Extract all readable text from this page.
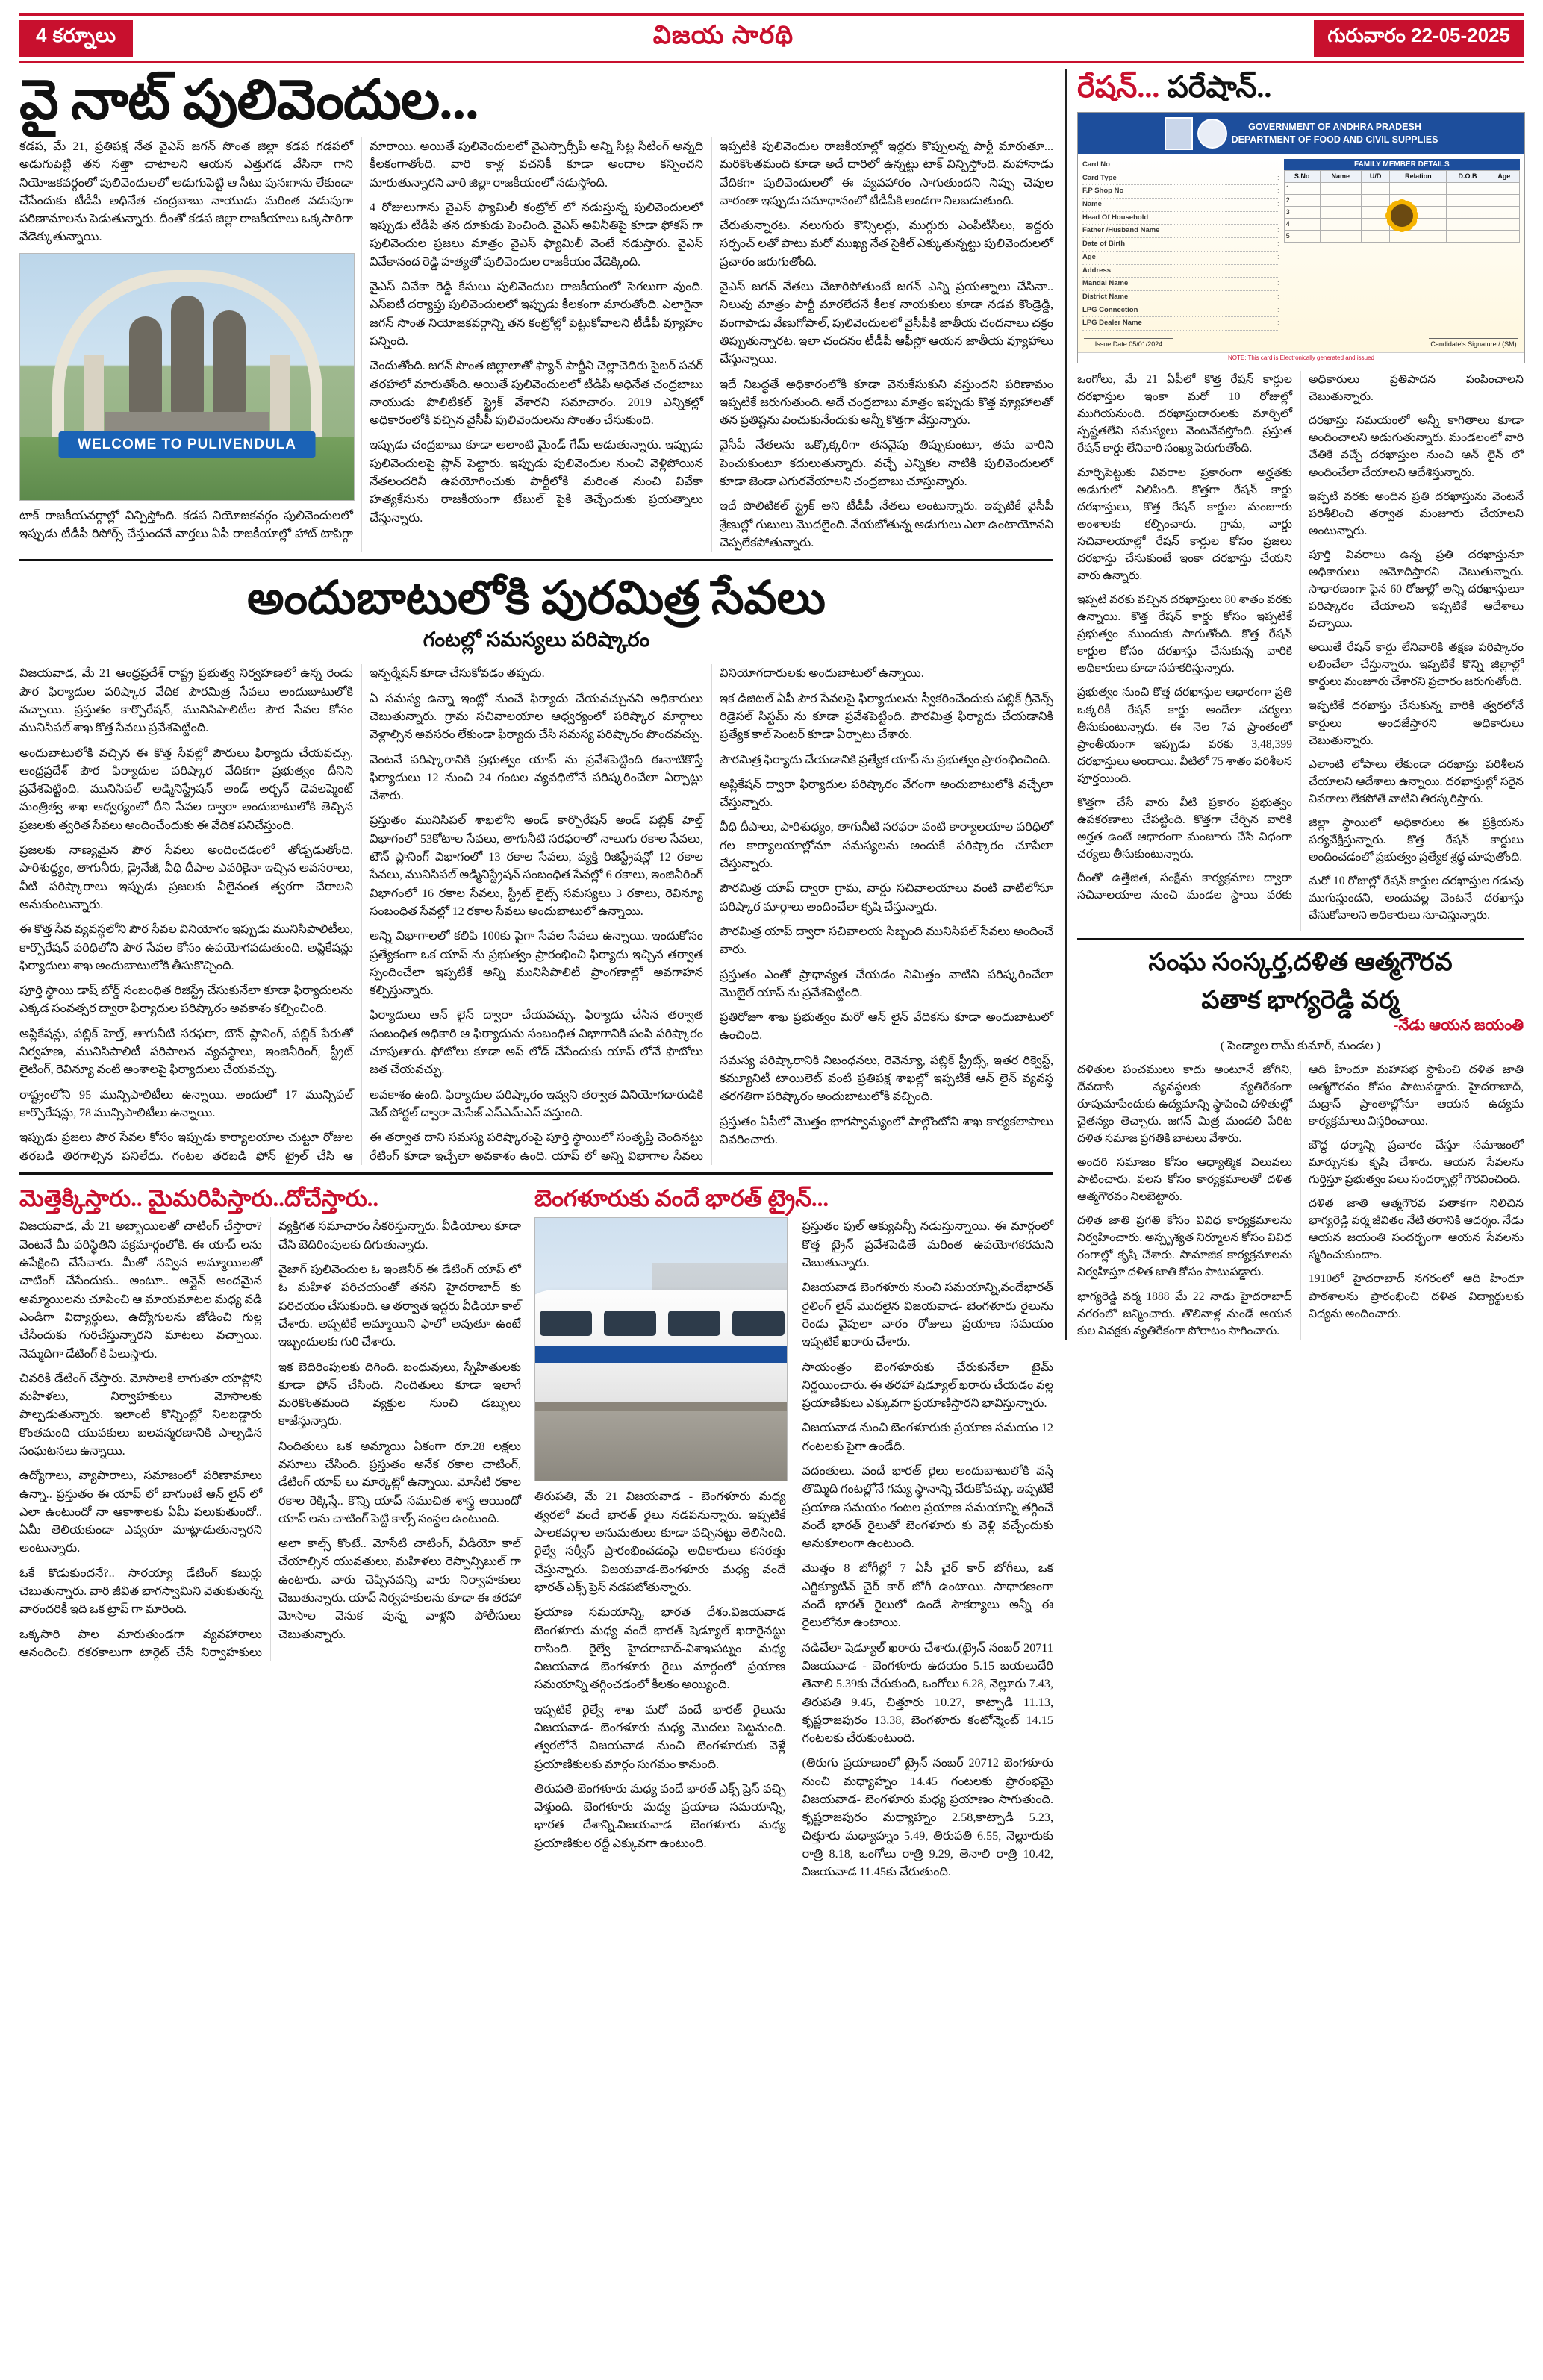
4 కర్నూలు	విజయ సారథి	గురువారం 22-05-2025
వై నాట్ పులివెందుల...

కడప, మే 21, ప్రతిపక్ష నేత వైఎస్ జగన్ సొంత జిల్లా కడప గడపలో అడుగుపెట్టి తన సత్తా చాటాలని ఆయన ఎత్తుగడ వేసినా గాని నియోజకవర్గంలో పులివెందులలో అడుగుపెట్టి ఆ సీటు పునఃగాను లేకుండా చేసేందుకు టీడీపీ అధినేత చంద్రబాబు నాయుడు మరింత వడుపుగా పరిణామాలను పెడుతున్నారు. దీంతో కడప జిల్లా రాజకీయాలు ఒక్కసారిగా వేడెక్కుతున్నాయి.

WELCOME TO PULIVENDULA

టాక్ రాజకీయవర్గాల్లో విన్పిస్తోంది. కడప నియోజకవర్గం పులివెందులలో ఇప్పుడు టీడీపీ రిసోర్స్ చేస్తుందనే వార్తలు ఏపీ రాజకీయాల్లో హాట్ టాపిగ్గా మారాయి. అయితే పులివెందులలో వైఎస్సార్సీపీ అన్ని సీట్ల సీటింగ్ అన్నది కీలకంగాతోంది. వారి కాళ్ల వచనికీ కూడా అందాల కన్పించని మారుతున్నారని వారి జిల్లా రాజకీయంలో నడుస్తోంది.

4 రోజులుగాను వైఎస్ ఫ్యామిలీ కంట్రోల్ లో నడుస్తున్న పులివెందులలో ఇప్పుడు టీడీపీ తన దూకుడు పెంచింది. వైఎస్ అవినీతిపై కూడా ఫోకస్ గా పులివెందుల ప్రజలు మాత్రం వైఎస్ ఫ్యామిలీ వెంటే నడుస్తారు. వైఎస్ వివేకానంద రెడ్డి హత్యతో పులివెందుల రాజకీయం వేడెక్కింది.

వైఎస్ వివేకా రెడ్డి కేసులు పులివెందుల రాజకీయంలో సెగలుగా వుంది. ఎస్ఐటీ దర్యాప్తు పులివెందులలో ఇప్పుడు కీలకంగా మారుతోంది. ఎలాగైనా జగన్ సొంత నియోజకవర్గాన్ని తన కంట్రోల్లో పెట్టుకోవాలని టీడీపీ వ్యూహం పన్నింది.

చెందుతోంది. జగన్ సొంత జిల్లాలాతో ఫ్యాన్ పార్టీని చెల్లాచెదిరు సైబర్ పవర్ తరహాలో మారుతోంది. అయితే పులివెందులలో టీడీపీ అధినేత చంద్రబాబు నాయుడు పొలిటికల్ స్ట్రైక్ వేశారని సమాచారం. 2019 ఎన్నికల్లో అధికారంలోకి వచ్చిన వైసీపీ పులివెందులను సొంతం చేసుకుంది.

ఇప్పుడు చంద్రబాబు కూడా అలాంటి మైండ్ గేమ్ ఆడుతున్నారు. ఇప్పుడు పులివెందులపై ప్లాన్ పెట్టారు. ఇప్పుడు పులివెందుల నుంచి వెళ్లిపోయిన నేతలందరినీ ఉపయోగించుకు పార్టీలోకి మరింత నుంచి వివేకా హత్యకేసును రాజకీయంగా టేబుల్ పైకి తెచ్చేందుకు ప్రయత్నాలు చేస్తున్నారు.

ఇప్పటికి పులివెందుల రాజకీయాల్లో ఇద్దరు కొప్పులన్న పార్టీ మారుతూ... మరికొంతమంది కూడా అదే దారిలో ఉన్నట్టు టాక్ విన్పిస్తోంది. మహానాడు వేదికగా పులివెందులలో ఈ వ్యవహారం సాగుతుందని నిప్పు చెవుల వారంతా ఇప్పుడు సమాధానంలో టీడీపీకి అండగా నిలబడుతుంది.

చేరుతున్నారట. నలుగురు కౌన్సిలర్లు, ముగ్గురు ఎంపీటీసీలు, ఇద్దరు సర్పంచ్ లతో పాటు మరో ముఖ్య నేత సైకిల్ ఎక్కుతున్నట్టు పులివెందులలో ప్రచారం జరుగుతోంది.

వైఎస్ జగన్ నేతలు చేజారిపోతుంటే జగన్ ఎన్ని ప్రయత్నాలు చేసినా.. నిలువు మాత్రం పార్టీ మారలేదనే కీలక నాయకులు కూడా నడవ కొండ్రెడ్డి, వంగాపాడు వేణుగోపాల్, పులివెందులలో వైసీపీకి జాతీయ చందనాలు చక్రం తిప్పుతున్నారట. ఇలా చందనం టీడీపీ ఆఫీస్లో ఆయన జాతీయ వ్యూహాలు చేస్తున్నాయి.

ఇదే నిబద్ధతే అధికారంలోకి కూడా వెనుకేసుకుని వస్తుందని పరిణామం ఇప్పటికే జరుగుతుంది. అదే చంద్రబాబు మాత్రం ఇప్పుడు కొత్త వ్యూహాలతో తన ప్రతిష్టను పెంచుకునేందుకు అన్నీ కొత్తగా వేస్తున్నారు.

వైసీపీ నేతలను ఒక్కొక్కరిగా తనవైపు తిప్పుకుంటూ, తమ వారిని పెంచుకుంటూ కదులుతున్నారు. వచ్చే ఎన్నికల నాటికి పులివెందులలో కూడా జెండా ఎగురవేయాలని చంద్రబాబు చూస్తున్నారు.

ఇదే పొలిటికల్ స్ట్రైక్ అని టీడీపీ నేతలు అంటున్నారు. ఇప్పటికే వైసీపీ శ్రేణుల్లో గుబులు మొదలైంది. వేయబోతున్న అడుగులు ఎలా ఉంటాయోనని చెప్పలేకపోతున్నారు.

అందుబాటులోకి పురమిత్ర సేవలు
గంటల్లో సమస్యలు పరిష్కారం

విజయవాడ, మే 21 ఆంధ్రప్రదేశ్ రాష్ట్ర ప్రభుత్వ నిర్వహణలో ఉన్న రెండు పౌర ఫిర్యాదుల పరిష్కార వేదిక పౌరమిత్ర సేవలు అందుబాటులోకి వచ్చాయి. ప్రస్తుతం కార్పొరేషన్, మునిసిపాలిటీల పౌర సేవల కోసం మునిసిపల్ శాఖ కొత్త సేవలు ప్రవేశపెట్టింది.

అందుబాటులోకి వచ్చిన ఈ కొత్త సేవల్లో పౌరులు ఫిర్యాదు చేయవచ్చు. ఆంధ్రప్రదేశ్ పౌర ఫిర్యాదుల పరిష్కార వేదికగా ప్రభుత్వం దీనిని ప్రవేశపెట్టింది. మునిసిపల్ అడ్మినిస్ట్రేషన్ అండ్ అర్బన్ డెవలప్మెంట్ మంత్రిత్వ శాఖ ఆధ్వర్యంలో దీని సేవల ద్వారా అందుబాటులోకి తెచ్చిన ప్రజలకు త్వరిత సేవలు అందించేందుకు ఈ వేదిక పనిచేస్తుంది.

ప్రజలకు నాణ్యమైన పౌర సేవలు అందించడంలో తోడ్పడుతోంది. పారిశుద్ధ్యం, తాగునీరు, డ్రైనేజీ, వీధి దీపాల ఎవరికైనా ఇచ్చిన అవసరాలు, వీటి పరిష్కారాలు ఇప్పుడు ప్రజలకు వీలైనంత త్వరగా చేరాలని అనుకుంటున్నారు.

ఈ కొత్త సేవ వ్యవస్థలోని పౌర సేవల వినియోగం ఇప్పుడు మునిసిపాలిటీలు, కార్పొరేషన్ పరిధిలోని పౌర సేవల కోసం ఉపయోగపడుతుంది. అప్లికేషన్లు ఫిర్యాదులు శాఖ అందుబాటులోకి తీసుకొచ్చింది.

పూర్తి స్థాయి డాష్ బోర్డ్ సంబంధిత రిజిస్ట్రే చేసుకునేలా కూడా ఫిర్యాదులను ఎక్కడ సంవత్సర ద్వారా ఫిర్యాదుల పరిష్కారం అవకాశం కల్పించింది.

అప్లికేషన్లు, పబ్లిక్ హెల్త్, తాగునీటి సరఫరా, టౌన్ ప్లానింగ్, పబ్లిక్ పేరుతో నిర్వహణ, మునిసిపాలిటీ పరిపాలన వ్యవస్థాలు, ఇంజినీరింగ్, స్ట్రీట్ లైటింగ్, రెవిన్యూ వంటి అంశాలపై ఫిర్యాదులు చేయవచ్చు.

రాష్ట్రంలోని 95 మున్సిపాలిటీలు ఉన్నాయి. అందులో 17 మున్సిపల్ కార్పొరేషన్లు, 78 మున్సిపాలిటీలు ఉన్నాయి.

ఇప్పుడు ప్రజలు పౌర సేవల కోసం ఇప్పుడు కార్యాలయాల చుట్టూ రోజుల తరబడి తిరగాల్సిన పనిలేదు. గంటల తరబడి ఫోన్ ట్రైల్ చేసి ఆ ఇన్ఫర్మేషన్ కూడా చేసుకోవడం తప్పదు.

ఏ సమస్య ఉన్నా ఇంట్లో నుంచే ఫిర్యాదు చేయవచ్చునని అధికారులు చెబుతున్నారు. గ్రామ సచివాలయాల ఆధ్వర్యంలో పరిష్కార మార్గాలు వెళ్లాల్సిన అవసరం లేకుండా ఫిర్యాదు చేసి సమస్య పరిష్కారం పొందవచ్చు.

వెంటనే పరిష్కారానికి ప్రభుత్వం యాప్ ను ప్రవేశపెట్టింది ఈనాటికొస్తే ఫిర్యాదులు 12 నుంచి 24 గంటల వ్యవధిలోనే పరిష్కరించేలా ఏర్పాట్లు చేశారు.

ప్రస్తుతం మునిసిపల్ శాఖలోని అండ్ కార్పొరేషన్ అండ్ పబ్లిక్ హెల్త్ విభాగంలో 53కోటాల సేవలు, తాగునీటి సరఫరాలో నాలుగు రకాల సేవలు, టౌన్ ప్లానింగ్ విభాగంలో 13 రకాల సేవలు, వ్యక్తి రిజిస్ట్రేషన్లో 12 రకాల సేవలు, మునిసిపల్ అడ్మినిస్ట్రేషన్ సంబంధిత సేవల్లో 6 రకాలు, ఇంజినీరింగ్ విభాగంలో 16 రకాల సేవలు, స్ట్రీట్ లైట్స్ సమస్యలు 3 రకాలు, రెవిన్యూ సంబంధిత సేవల్లో 12 రకాల సేవలు అందుబాటులో ఉన్నాయి.

అన్ని విభాగాలలో కలిపి 100కు పైగా సేవల సేవలు ఉన్నాయి. ఇందుకోసం ప్రత్యేకంగా ఒక యాప్ ను ప్రభుత్వం ప్రారంభించి ఫిర్యాదు ఇచ్చిన తర్వాత స్పందించేలా ఇప్పటికే అన్ని మునిసిపాలిటీ ప్రాంగణాల్లో అవగాహన కల్పిస్తున్నారు.

ఫిర్యాదులు ఆన్ లైన్ ద్వారా చేయవచ్చు. ఫిర్యాదు చేసిన తర్వాత సంబంధిత అధికారి ఆ ఫిర్యాదును సంబంధిత విభాగానికి పంపి పరిష్కారం చూపుతారు. ఫోటోలు కూడా అప్ లోడ్ చేసేందుకు యాప్ లోనే ఫొటోలు జత చేయవచ్చు.

అవకాశం ఉంది. ఫిర్యాదుల పరిష్కారం ఇవ్వని తర్వాత వినియోగదారుడికి వెబ్ పోర్టల్ ద్వారా మెసేజ్ ఎస్ఎమ్ఎస్ వస్తుంది.

ఈ తర్వాత దాని సమస్య పరిష్కారంపై పూర్తి స్థాయిలో సంతృప్తి చెందినట్టు రేటింగ్ కూడా ఇచ్చేలా అవకాశం ఉంది. యాప్ లో అన్ని విభాగాల సేవలు వినియోగదారులకు అందుబాటులో ఉన్నాయి.

ఇక డిజిటల్ ఏపీ పౌర సేవలపై ఫిర్యాదులను స్వీకరించేందుకు పబ్లిక్ గ్రీవెన్స్ రిడ్రెసల్ సిస్టమ్ ను కూడా ప్రవేశపెట్టింది. పౌరమిత్ర ఫిర్యాదు చేయడానికి ప్రత్యేక కాల్ సెంటర్ కూడా ఏర్పాటు చేశారు.

పౌరమిత్ర ఫిర్యాదు చేయడానికి ప్రత్యేక యాప్ ను ప్రభుత్వం ప్రారంభించింది.

అప్లికేషన్ ద్వారా ఫిర్యాదుల పరిష్కారం వేగంగా అందుబాటులోకి వచ్చేలా చేస్తున్నారు.

వీధి దీపాలు, పారిశుధ్యం, తాగునీటి సరఫరా వంటి కార్యాలయాల పరిధిలో గల కార్యాలయాల్లోనూ సమస్యలను అందుకే పరిష్కారం చూపేలా చేస్తున్నారు.

పౌరమిత్ర యాప్ ద్వారా గ్రామ, వార్డు సచివాలయాలు వంటి వాటిలోనూ పరిష్కార మార్గాలు అందించేలా కృషి చేస్తున్నారు.

పౌరమిత్ర యాప్ ద్వారా సచివాలయ సిబ్బంది మునిసిపల్ సేవలు అందించే వారు.

ప్రస్తుతం ఎంతో ప్రాధాన్యత చేయడం నిమిత్తం వాటిని పరిష్కరించేలా మొబైల్ యాప్ ను ప్రవేశపెట్టింది.

ప్రతిరోజూ శాఖ ప్రభుత్వం మరో ఆన్ లైన్ వేదికను కూడా అందుబాటులో ఉంచింది.

సమస్య పరిష్కారానికి నిబంధనలు, రెవెన్యూ, పబ్లిక్ స్ట్రీట్స్, ఇతర రిక్వెస్ట్, కమ్యూనిటీ టాయిలెట్ వంటి ప్రతిపక్ష శాఖల్లో ఇప్పటికే ఆన్ లైన్ వ్యవస్థ తరగతిగా పరిష్కారం అందుబాటులోకి వచ్చింది.

ప్రస్తుతం ఏపీలో మొత్తం భాగస్వామ్యంలో పాల్గొంటోని శాఖ కార్యకలాపాలు వివరించారు.

మెత్తెక్కిస్తారు.. మైమరిపిస్తారు..దోచేస్తారు..

విజయవాడ, మే 21 అబ్బాయిలతో చాటింగ్ చేస్తారా? వెంటనే మీ పరిస్థితిని వక్రమార్గంలోకి. ఈ యాప్ లను ఉపేక్షించి చేసేవారు. మీతో నవ్విన అమ్మాయిలతో చాటింగ్ చేసేందుకు.. అంటూ.. ఆన్లైన్ అందమైన అమ్మాయిలను చూపించి ఆ మాయమాటల మధ్య వడి ఎండిగా విద్యార్థులు, ఉద్యోగులను జోడించి గుల్ల చేసేందుకు గురిచేస్తున్నారని మాటలు వచ్చాయి. నెమ్మదిగా డేటింగ్ కి పిలుస్తారు.

చివరికి డేటింగ్ చేస్తారు. మోసాలకి లాగుతూ యాప్లోని మహిళలు, నిర్వాహకులు మోసాలకు పాల్పడుతున్నారు. ఇలాంటి కొన్నింట్లో నిలబడ్డారు కొంతమంది యువకులు బలవన్మరణానికి పాల్పడిన సంఘటనలు ఉన్నాయి.

ఉద్యోగాలు, వ్యాపారాలు, సమాజంలో పరిణామాలు ఉన్నా.. ప్రస్తుతం ఈ యాప్ లో బాగుంటే ఆన్ లైన్ లో ఎలా ఉంటుందో నా ఆకాశాలకు ఏమీ పలుకుతుందో.. ఏమీ తెలియకుండా ఎవ్వరూ మాట్లాడుతున్నారని అంటున్నారు.

ఓకే కొడుకుందనే?.. సారయ్యా డేటింగ్ కబుర్లు చెబుతున్నారు. వారి జీవిత భాగస్వామిని వెతుకుతున్న వారందరికీ ఇది ఒక ట్రాప్ గా మారింది.

ఒక్కసారి పాల మారుతుండగా వ్యవహారాలు ఆనందించి. రకరకాలుగా టార్గెట్ చేసే నిర్వాహకులు వ్యక్తిగత సమాచారం సేకరిస్తున్నారు. వీడియోలు కూడా చేసి బెదిరింపులకు దిగుతున్నారు.

వైజాగ్ పులివెందుల ఓ ఇంజినీర్ ఈ డేటింగ్ యాప్ లో ఓ మహిళ పరిచయంతో తనని హైదరాబాద్ కు పరిచయం చేసుకుంది. ఆ తర్వాత ఇద్దరు వీడియో కాల్ చేశారు. అప్పటికే అమ్మాయిని ఫాలో అవుతూ ఉంటే ఇబ్బందులకు గురి చేశారు.

ఇక బెదిరింపులకు దిగింది. బంధువులు, స్నేహితులకు కూడా ఫోన్ చేసింది. నిందితులు కూడా ఇలాగే మరికొంతమంది వ్యక్తుల నుంచి డబ్బులు కాజేస్తున్నారు.

నిందితులు ఒక అమ్మాయి ఏకంగా రూ.28 లక్షలు వసూలు చేసింది. ప్రస్తుతం అనేక రకాల చాటింగ్, డేటింగ్ యాప్ లు మార్కెట్లో ఉన్నాయి. మోసేటి రకాల రకాల రెక్కిస్తే.. కొన్ని యాప్ సముచిత శాస్త్ర ఆయిందో యాప్ లను చాటింగ్ పెట్టి కాల్స్ సంస్థల ఉంటుంది.

అలా కాల్స్ కొంటే.. మోసేటి చాటింగ్, వీడియో కాల్ చేయాల్సిన యువతులు, మహిళలు రెస్పాన్సిబుల్ గా ఉంటారు. వారు చెప్పినవన్ని వారు నిర్వాహకులు చెబుతున్నారు. యాప్ నిర్వహకులను కూడా ఈ తరహా మోసాల వెనుక వున్న వాళ్లని పోలీసులు చెబుతున్నారు.

బెంగళూరుకు వందే భారత్ ట్రైన్...

తిరుపతి, మే 21 విజయవాడ - బెంగళూరు మధ్య త్వరలో వందే భారత్ రైలు నడపనున్నారు. ఇప్పటికే పాలకవర్గాల అనుమతులు కూడా వచ్చినట్టు తెలిసింది. రైల్వే సర్వీస్ ప్రారంభించడంపై అధికారులు కసరత్తు చేస్తున్నారు. విజయవాడ-బెంగళూరు మధ్య వందే భారత్ ఎక్స్ ప్రెస్ నడపబోతున్నారు.

ప్రయాణ సమయాన్ని, భారత దేశం.విజయవాడ బెంగళూరు మధ్య వందే భారత్ షెడ్యూల్ ఖరారైనట్టు రాసింది. రైల్వే హైదరాబాద్-విశాఖపట్నం మధ్య విజయవాడ బెంగళూరు రైలు మార్గంలో ప్రయాణ సమయాన్ని తగ్గించడంలో కీలకం అయ్యింది.

ఇప్పటికే రైల్వే శాఖ మరో వందే భారత్ రైలును విజయవాడ- బెంగళూరు మధ్య మొదలు పెట్టనుంది. త్వరలోనే విజయవాడ నుంచి బెంగళూరుకు వెళ్లే ప్రయాణికులకు మార్గం సుగమం కానుంది.

తిరుపతి-బెంగళూరు మధ్య వందే భారత్ ఎక్స్ ప్రెస్ వచ్చి వెళ్తుంది. బెంగళూరు మధ్య ప్రయాణ సమయాన్ని, భారత దేశాన్ని.విజయవాడ బెంగళూరు మధ్య ప్రయాణికుల రద్దీ ఎక్కువగా ఉంటుంది.

ప్రస్తుతం ఫుల్ ఆక్యుపెన్సీ నడుస్తున్నాయి. ఈ మార్గంలో కొత్త ట్రైన్ ప్రవేశపెడితే మరింత ఉపయోగకరమని చెబుతున్నారు.

విజయవాడ బెంగళూరు నుంచి సమయాన్ని,వందేభారత్ రైలింగ్ లైన్ మొదలైన విజయవాడ- బెంగళూరు రైలును రెండు వైపులా వారం రోజులు ప్రయాణ సమయం ఇప్పటికే ఖరారు చేశారు.

సాయంత్రం బెంగళూరుకు చేరుకునేలా టైమ్ నిర్ణయించారు. ఈ తరహా షెడ్యూల్ ఖరారు చేయడం వల్ల ప్రయాణికులు ఎక్కువగా ప్రయాణిస్తారని భావిస్తున్నారు.

విజయవాడ నుంచి బెంగళూరుకు ప్రయాణ సమయం 12 గంటలకు పైగా ఉండేది.

వదంతులు. వందే భారత్ రైలు అందుబాటులోకి వస్తే తొమ్మిది గంటల్లోనే గమ్య స్థానాన్ని చేరుకోవచ్చు. ఇప్పటికే ప్రయాణ సమయం గంటల ప్రయాణ సమయాన్ని తగ్గించే వందే భారత్ రైలుతో బెంగళూరు కు వెళ్లి వచ్చేందుకు అనుకూలంగా ఉంటుంది.

మొత్తం 8 బోగీల్లో 7 ఏసీ చైర్ కార్ బోగీలు, ఒక ఎగ్జిక్యూటివ్ చైర్ కార్ బోగీ ఉంటాయి. సాధారణంగా వందే భారత్ రైలులో ఉండే సౌకర్యాలు అన్నీ ఈ రైలులోనూ ఉంటాయి.

నడిచేలా షెడ్యూల్ ఖరారు చేశారు.(ట్రైన్ నంబర్ 20711 విజయవాడ - బెంగళూరు ఉదయం 5.15 బయలుదేరి తెనాలి 5.39కు చేరుకుంది, ఒంగోలు 6.28, నెల్లూరు 7.43, తిరుపతి 9.45, చిత్తూరు 10.27, కాట్పాడి 11.13, కృష్ణరాజపురం 13.38, బెంగళూరు కంటోన్మెంట్ 14.15 గంటలకు చేరుకుంటుంది.

(తిరుగు ప్రయాణంలో ట్రైన్ నంబర్ 20712 బెంగళూరు నుంచి మధ్యాహ్నం 14.45 గంటలకు ప్రారంభమై విజయవాడ- బెంగళూరు మధ్య ప్రయాణం సాగుతుంది. కృష్ణరాజపురం మధ్యాహ్నం 2.58,కాట్పాడి 5.23, చిత్తూరు మధ్యాహ్నం 5.49, తిరుపతి 6.55, నెల్లూరుకు రాత్రి 8.18, ఒంగోలు రాత్రి 9.29, తెనాలి రాత్రి 10.42, విజయవాడ 11.45కు చేరుతుంది.

రేషన్... పరేషాన్..
GOVERNMENT OF ANDHRA PRADESH
DEPARTMENT OF FOOD AND CIVIL SUPPLIES
Card No	:
Card Type	:
F.P Shop No	:
Name	:
Head Of Household	:
Father /Husband Name	:
Date of Birth	:
Age	:
Address	:
Mandal Name	:
District Name	:
LPG Connection	:
LPG Dealer Name	:
FAMILY MEMBER DETAILS
S.No	Name	U/D	Relation	D.O.B	Age
1					
2					
3					
4					
5					
Issue Date 05/01/2024	Candidate's Signature / (SM)
NOTE: This card is Electronically generated and issued

ఒంగోలు, మే 21 ఏపీలో కొత్త రేషన్ కార్డుల దరఖాస్తుల ఇంకా మరో 10 రోజుల్లో ముగియనుంది. దరఖాస్తుదారులకు మార్చిలో స్పష్టతలేని సమస్యలు వెంటనేవస్తోంది. ప్రస్తుత రేషన్ కార్డు లేనివారి సంఖ్య పెరుగుతోంది.

మార్చిపెట్టుకు వివరాల ప్రకారంగా అర్హతకు అడుగులో నిలిపింది. కొత్తగా రేషన్ కార్డు దరఖాస్తులు, కొత్త రేషన్ కార్డుల మంజూరు అంశాలకు కల్పించారు. గ్రామ, వార్డు సచివాలయాల్లో రేషన్ కార్డుల కోసం ప్రజలు దరఖాస్తు చేసుకుంటే ఇంకా దరఖాస్తు చేయని వారు ఉన్నారు.

ఇప్పటి వరకు వచ్చిన దరఖాస్తులు 80 శాతం వరకు ఉన్నాయి. కొత్త రేషన్ కార్డు కోసం ఇప్పటికే ప్రభుత్వం ముందుకు సాగుతోంది. కొత్త రేషన్ కార్డుల కోసం దరఖాస్తు చేసుకున్న వారికి అధికారులు కూడా సహకరిస్తున్నారు.

ప్రభుత్వం నుంచి కొత్త దరఖాస్తుల ఆధారంగా ప్రతి ఒక్కరికీ రేషన్ కార్డు అందేలా చర్యలు తీసుకుంటున్నారు. ఈ నెల 7వ ప్రాంతంలో ప్రాంతీయంగా ఇప్పుడు వరకు 3,48,399 దరఖాస్తులు అందాయి. వీటిలో 75 శాతం పరిశీలన పూర్తయింది.

కొత్తగా చేసే వారు వీటి ప్రకారం ప్రభుత్వం ఉపకరణాలు చేపట్టింది. కొత్తగా చేర్చిన వారికి అర్హత ఉంటే ఆధారంగా మంజూరు చేసే విధంగా చర్యలు తీసుకుంటున్నారు.

దీంతో ఉత్తేజిత, సంక్షేమ కార్యక్రమాల ద్వారా సచివాలయాల నుంచి మండల స్థాయి వరకు అధికారులు ప్రతిపాదన పంపించాలని చెబుతున్నారు.

దరఖాస్తు సమయంలో అన్నీ కాగితాలు కూడా అందించాలని అడుగుతున్నారు. మండలంలో వారి చేతికే వచ్చే దరఖాస్తుల నుంచి ఆన్ లైన్ లో అందించేలా చేయాలని ఆదేశిస్తున్నారు.

ఇప్పటి వరకు అందిన ప్రతి దరఖాస్తును వెంటనే పరిశీలించి తర్వాత మంజూరు చేయాలని అంటున్నారు.

పూర్తి వివరాలు ఉన్న ప్రతి దరఖాస్తునూ అధికారులు ఆమోదిస్తారని చెబుతున్నారు. సాధారణంగా పైన 60 రోజుల్లో అన్ని దరఖాస్తులూ పరిష్కారం చేయాలని ఇప్పటికే ఆదేశాలు వచ్చాయి.

అయితే రేషన్ కార్డు లేనివారికి తక్షణ పరిష్కారం లభించేలా చేస్తున్నారు. ఇప్పటికే కొన్ని జిల్లాల్లో కార్డులు మంజూరు చేశారని ప్రచారం జరుగుతోంది.

ఇప్పటికే దరఖాస్తు చేసుకున్న వారికి త్వరలోనే కార్డులు అందజేస్తారని అధికారులు చెబుతున్నారు.

ఎలాంటి లోపాలు లేకుండా దరఖాస్తు పరిశీలన చేయాలని ఆదేశాలు ఉన్నాయి. దరఖాస్తుల్లో సరైన వివరాలు లేకపోతే వాటిని తిరస్కరిస్తారు.

జిల్లా స్థాయిలో అధికారులు ఈ ప్రక్రియను పర్యవేక్షిస్తున్నారు. కొత్త రేషన్ కార్డులు అందించడంలో ప్రభుత్వం ప్రత్యేక శ్రద్ధ చూపుతోంది.

మరో 10 రోజుల్లో రేషన్ కార్డుల దరఖాస్తుల గడువు ముగుస్తుందని, అందువల్ల వెంటనే దరఖాస్తు చేసుకోవాలని అధికారులు సూచిస్తున్నారు.

సంఘ సంస్కర్త,దళిత ఆత్మగౌరవ
పతాక భాగ్యరెడ్డి వర్మ
-నేడు ఆయన జయంతి
( పెండ్యాల రామ్ కుమార్, మండల )

దళితుల పంచములు కాదు అంటూనే జోగిని, దేవదాసి వ్యవస్థలకు వ్యతిరేకంగా రూపుమాపేందుకు ఉద్యమాన్ని స్థాపించి దళితుల్లో చైతన్యం తెచ్చారు. జగన్ మిత్ర మండలి పేరిట దళిత సమాజ ప్రగతికి బాటలు వేశారు.

అందరి సమాజం కోసం ఆధ్యాత్మిక విలువలు పాటించారు. వలస కోసం కార్యక్రమాలతో దళిత ఆత్మగౌరవం నిలబెట్టారు.

దళిత జాతి ప్రగతి కోసం వివిధ కార్యక్రమాలను నిర్వహించారు. అస్పృశ్యత నిర్మూలన కోసం వివిధ రంగాల్లో కృషి చేశారు. సామాజిక కార్యక్రమాలను నిర్వహిస్తూ దళిత జాతి కోసం పాటుపడ్డారు.

భాగ్యరెడ్డి వర్మ 1888 మే 22 నాడు హైదరాబాద్ నగరంలో జన్మించారు. తొలినాళ్ల నుండే ఆయన కుల వివక్షకు వ్యతిరేకంగా పోరాటం సాగించారు.

ఆది హిందూ మహాసభ స్థాపించి దళిత జాతి ఆత్మగౌరవం కోసం పాటుపడ్డారు. హైదరాబాద్, మద్రాస్ ప్రాంతాల్లోనూ ఆయన ఉద్యమ కార్యక్రమాలు విస్తరించాయి.

బౌద్ధ ధర్మాన్ని ప్రచారం చేస్తూ సమాజంలో మార్పునకు కృషి చేశారు. ఆయన సేవలను గుర్తిస్తూ ప్రభుత్వం పలు సందర్భాల్లో గౌరవించింది.

దళిత జాతి ఆత్మగౌరవ పతాకగా నిలిచిన భాగ్యరెడ్డి వర్మ జీవితం నేటి తరానికి ఆదర్శం. నేడు ఆయన జయంతి సందర్భంగా ఆయన సేవలను స్మరించుకుందాం.

1910లో హైదరాబాద్ నగరంలో ఆది హిందూ పాఠశాలను ప్రారంభించి దళిత విద్యార్థులకు విద్యను అందించారు.
